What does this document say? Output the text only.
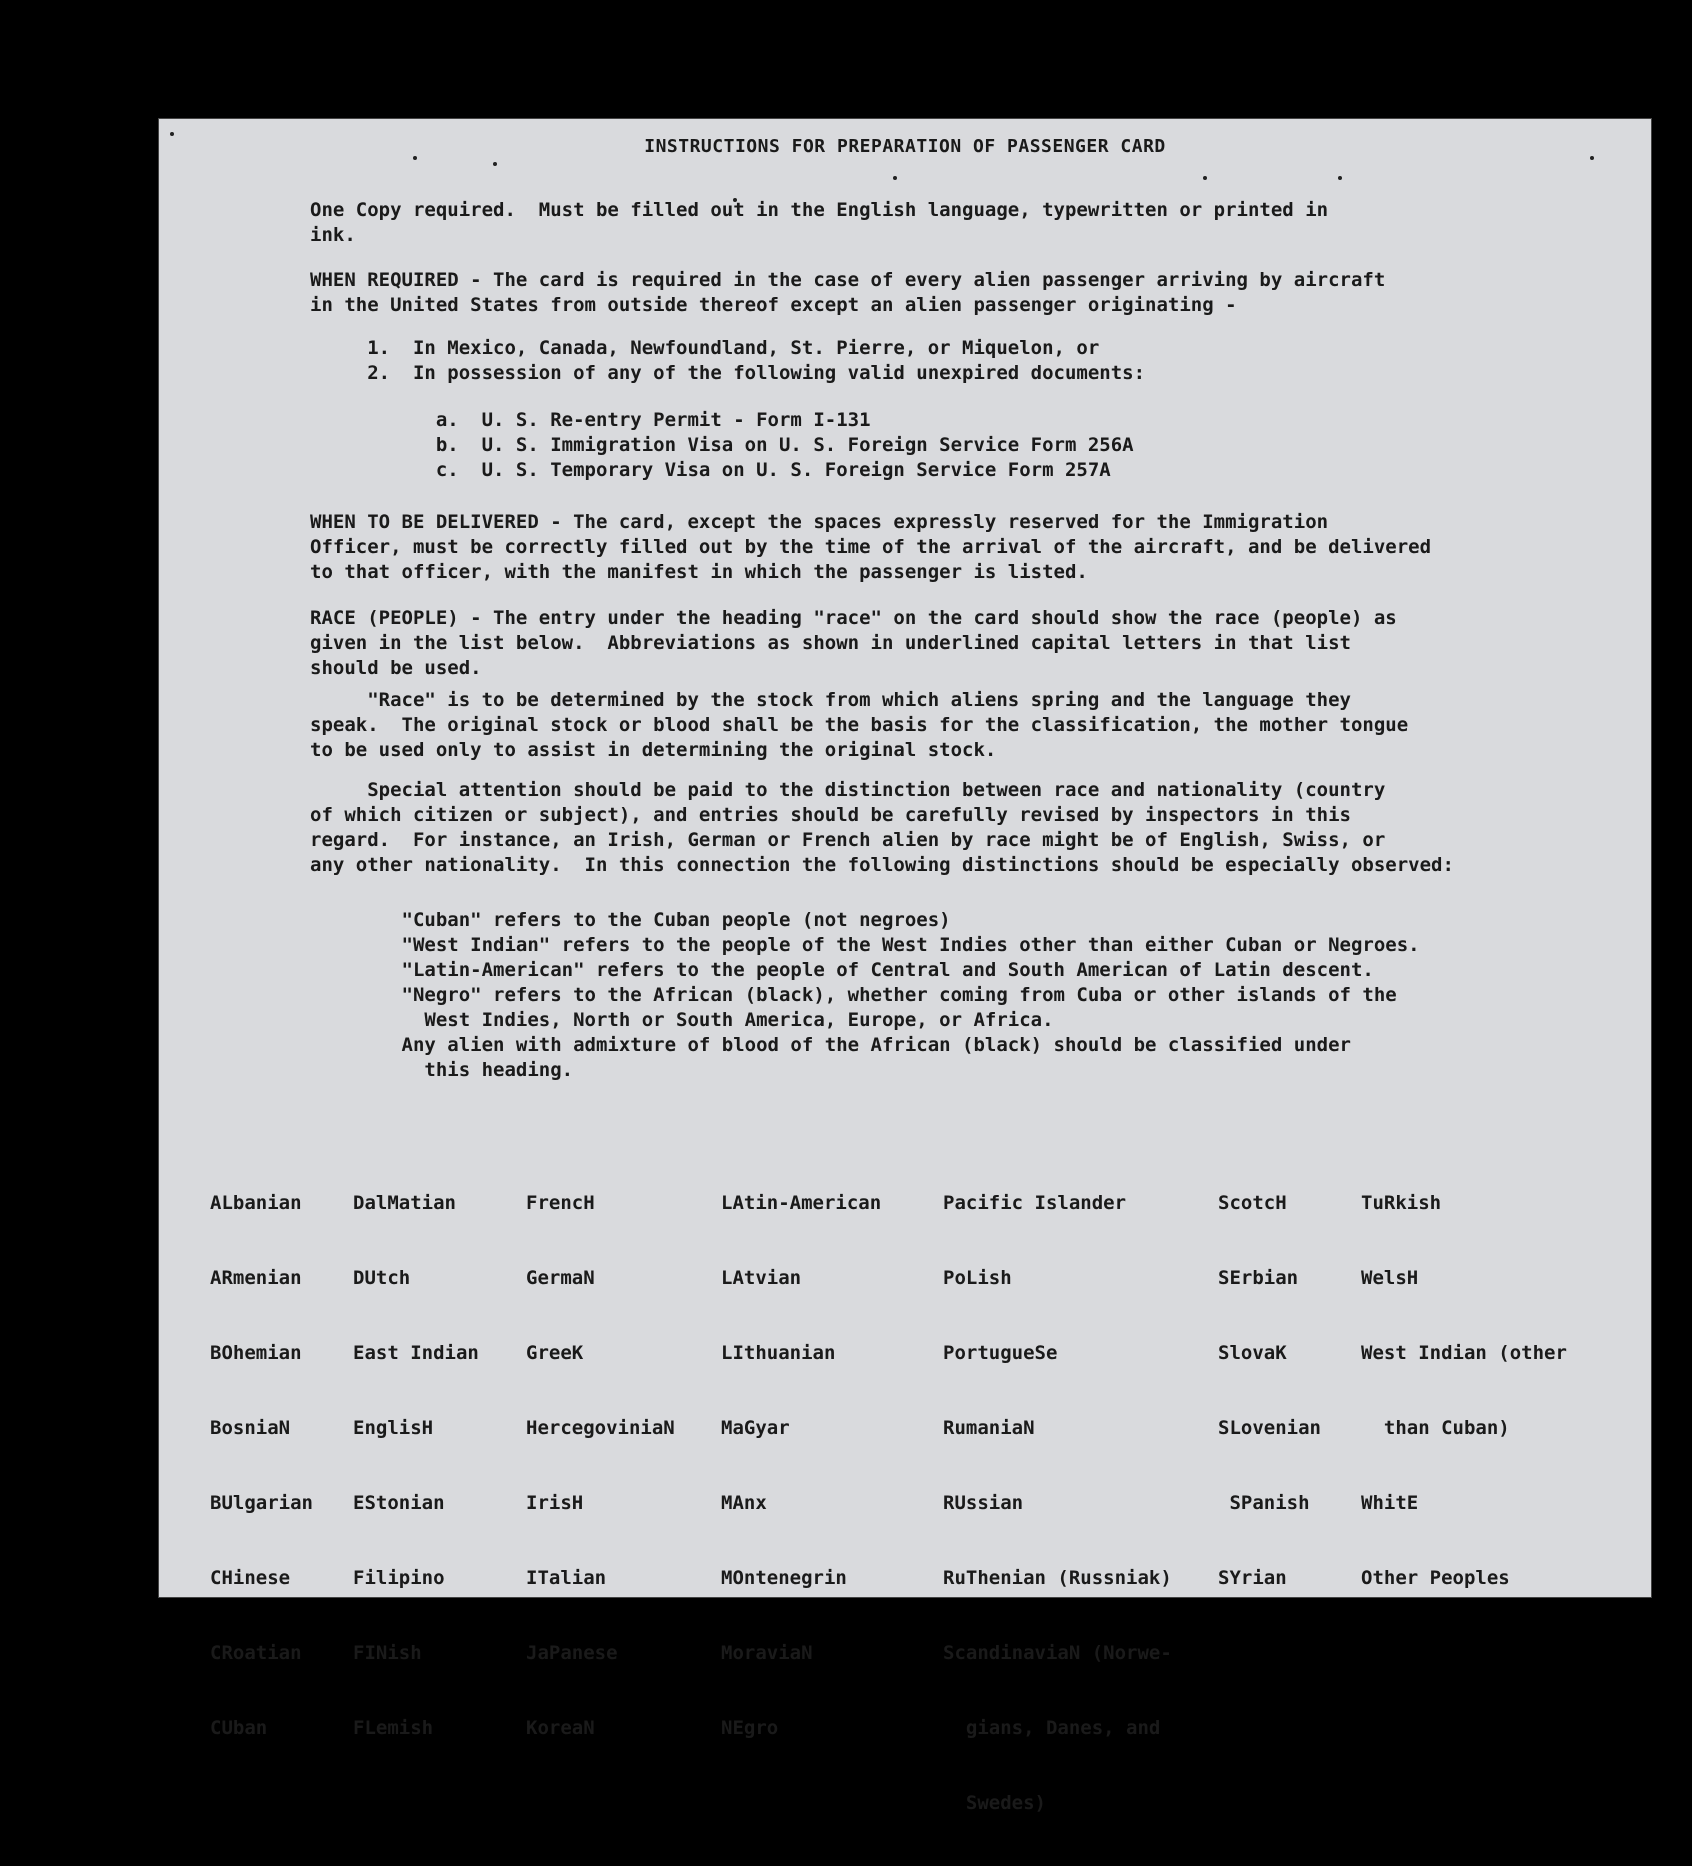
INSTRUCTIONS FOR PREPARATION OF PASSENGER CARD
One Copy required.  Must be filled out in the English language, typewritten or printed in
ink.
WHEN REQUIRED - The card is required in the case of every alien passenger arriving by aircraft
in the United States from outside thereof except an alien passenger originating -
1.  In Mexico, Canada, Newfoundland, St. Pierre, or Miquelon, or
2.  In possession of any of the following valid unexpired documents:
a.  U. S. Re-entry Permit - Form I-131
b.  U. S. Immigration Visa on U. S. Foreign Service Form 256A
c.  U. S. Temporary Visa on U. S. Foreign Service Form 257A
WHEN TO BE DELIVERED - The card, except the spaces expressly reserved for the Immigration
Officer, must be correctly filled out by the time of the arrival of the aircraft, and be delivered
to that officer, with the manifest in which the passenger is listed.
RACE (PEOPLE) - The entry under the heading "race" on the card should show the race (people) as
given in the list below.  Abbreviations as shown in underlined capital letters in that list
should be used.
"Race" is to be determined by the stock from which aliens spring and the language they
speak.  The original stock or blood shall be the basis for the classification, the mother tongue
to be used only to assist in determining the original stock.
Special attention should be paid to the distinction between race and nationality (country
of which citizen or subject), and entries should be carefully revised by inspectors in this
regard.  For instance, an Irish, German or French alien by race might be of English, Swiss, or
any other nationality.  In this connection the following distinctions should be especially observed:
"Cuban" refers to the Cuban people (not negroes)
"West Indian" refers to the people of the West Indies other than either Cuban or Negroes.
"Latin-American" refers to the people of Central and South American of Latin descent.
"Negro" refers to the African (black), whether coming from Cuba or other islands of the
West Indies, North or South America, Europe, or Africa.
Any alien with admixture of blood of the African (black) should be classified under
this heading.

ALbanian

ARmenian

BOhemian

BosniaN

BUlgarian

CHinese

CRoatian

CUban

DalMatian

DUtch

East Indian

EnglisH

EStonian

Filipino

FINish

FLemish

FrencH

GermaN

GreeK

HercegoviniaN

IrisH

ITalian

JaPanese

KoreaN

LAtin-American

LAtvian

LIthuanian

MaGyar

MAnx

MOntenegrin

MoraviaN

NEgro

Pacific Islander

PoLish

PortugueSe

RumaniaN

RUssian

RuThenian (Russniak)

ScandinaviaN (Norwe-

gians, Danes, and

Swedes)

ScotcH

SErbian

SlovaK

SLovenian

SPanish

SYrian

TuRkish

WelsH

West Indian (other

than Cuban)

WhitE

Other Peoples
